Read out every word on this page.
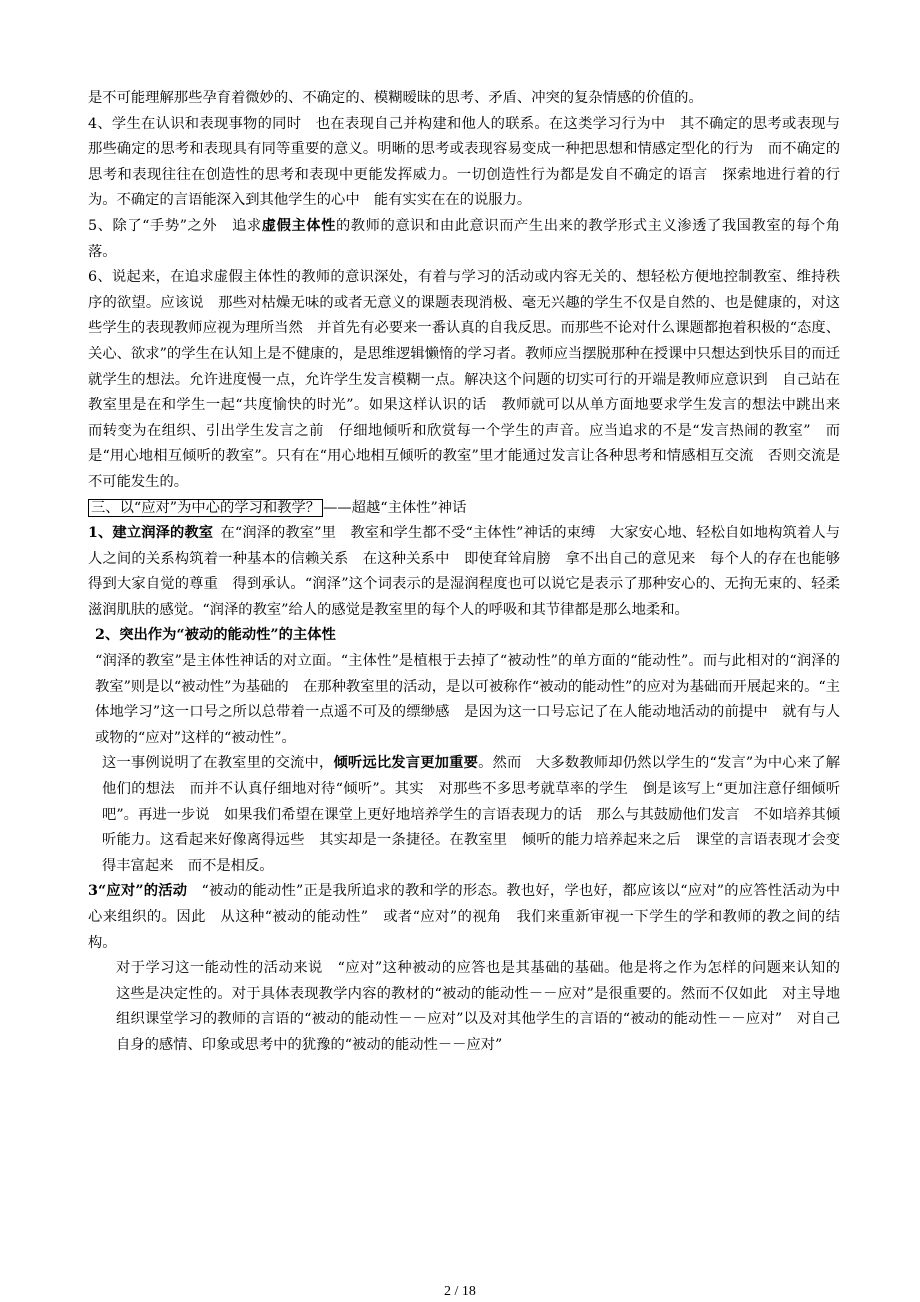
是不可能理解那些孕育着微妙的、不确定的、模糊暧昧的思考、矛盾、冲突的复杂情感的价值的。

4、学生在认识和表现事物的同时　也在表现自己并构建和他人的联系。在这类学习行为中　其不确定的思考或表现与那些确定的思考和表现具有同等重要的意义。明晰的思考或表现容易变成一种把思想和情感定型化的行为　而不确定的思考和表现往往在创造性的思考和表现中更能发挥威力。一切创造性行为都是发自不确定的语言　探索地进行着的行为。不确定的言语能深入到其他学生的心中　能有实实在在的说服力。

5、除了“手势”之外　追求虚假主体性的教师的意识和由此意识而产生出来的教学形式主义渗透了我国教室的每个角落。

6、说起来，在追求虚假主体性的教师的意识深处，有着与学习的活动或内容无关的、想轻松方便地控制教室、维持秩序的欲望。应该说　那些对枯燥无味的或者无意义的课题表现消极、毫无兴趣的学生不仅是自然的、也是健康的，对这些学生的表现教师应视为理所当然　并首先有必要来一番认真的自我反思。而那些不论对什么课题都抱着积极的“态度、关心、欲求”的学生在认知上是不健康的，是思维逻辑懒惰的学习者。教师应当摆脱那种在授课中只想达到快乐目的而迁就学生的想法。允许进度慢一点，允许学生发言模糊一点。解决这个问题的切实可行的开端是教师应意识到　自己站在教室里是在和学生一起“共度愉快的时光”。如果这样认识的话　教师就可以从单方面地要求学生发言的想法中跳出来　而转变为在组织、引出学生发言之前　仔细地倾听和欣赏每一个学生的声音。应当追求的不是“发言热闹的教室”　而是“用心地相互倾听的教室”。只有在“用心地相互倾听的教室”里才能通过发言让各种思考和情感相互交流　否则交流是不可能发生的。

三、以“应对”为中心的学习和教学？ ——超越“主体性”神话

1、建立润泽的教室  在“润泽的教室”里　教室和学生都不受“主体性”神话的束缚　大家安心地、轻松自如地构筑着人与人之间的关系构筑着一种基本的信赖关系　在这种关系中　即使耷耸肩膀　拿不出自己的意见来　每个人的存在也能够得到大家自觉的尊重　得到承认。“润泽”这个词表示的是湿润程度也可以说它是表示了那种安心的、无拘无束的、轻柔滋润肌肤的感觉。“润泽的教室”给人的感觉是教室里的每个人的呼吸和其节律都是那么地柔和。

2、突出作为“被动的能动性”的主体性

“润泽的教室”是主体性神话的对立面。“主体性”是植根于去掉了“被动性”的单方面的“能动性”。而与此相对的“润泽的教室”则是以“被动性”为基础的　在那种教室里的活动，是以可被称作“被动的能动性”的应对为基础而开展起来的。“主体地学习”这一口号之所以总带着一点遥不可及的缥缈感　是因为这一口号忘记了在人能动地活动的前提中　就有与人或物的“应对”这样的“被动性”。

这一事例说明了在教室里的交流中，倾听远比发言更加重要。然而　大多数教师却仍然以学生的“发言”为中心来了解他们的想法　而并不认真仔细地对待“倾听”。其实　对那些不多思考就草率的学生　倒是该写上“更加注意仔细倾听吧”。再进一步说　如果我们希望在课堂上更好地培养学生的言语表现力的话　那么与其鼓励他们发言　不如培养其倾听能力。这看起来好像离得远些　其实却是一条捷径。在教室里　倾听的能力培养起来之后　课堂的言语表现才会变得丰富起来　而不是相反。

3“应对”的活动  “被动的能动性”正是我所追求的教和学的形态。教也好，学也好，都应该以“应对”的应答性活动为中心来组织的。因此　从这种“被动的能动性”　或者“应对”的视角　我们来重新审视一下学生的学和教师的教之间的结构。

对于学习这一能动性的活动来说　“应对”这种被动的应答也是其基础的基础。他是将之作为怎样的问题来认知的　这些是决定性的。对于具体表现教学内容的教材的“被动的能动性－－应对”是很重要的。然而不仅如此　对主导地组织课堂学习的教师的言语的“被动的能动性－－应对”以及对其他学生的言语的“被动的能动性－－应对”　对自己自身的感情、印象或思考中的犹豫的“被动的能动性－－应对”

2 / 18
